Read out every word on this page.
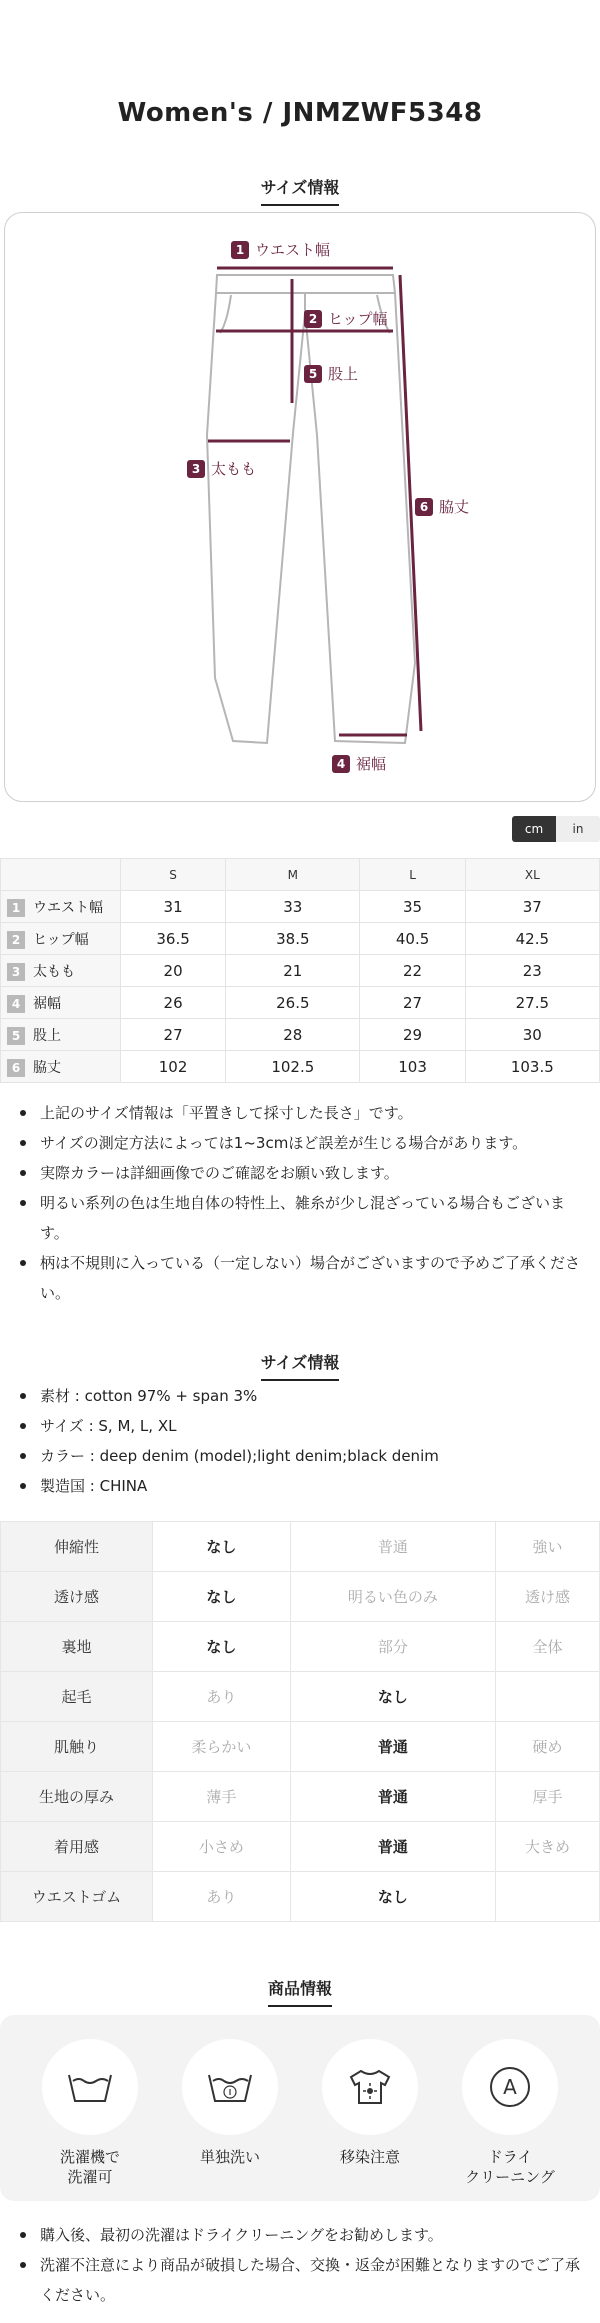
Women's / JNMZWF5348
サイズ情報
1 ウエスト幅
2 ヒップ幅
5 股上
3 太もも
6 脇丈
4 裾幅
cm	in
	S	M	L	XL
1 ウエスト幅	31	33	35	37
2 ヒップ幅	36.5	38.5	40.5	42.5
3 太もも	20	21	22	23
4 裾幅	26	26.5	27	27.5
5 股上	27	28	29	30
6 脇丈	102	102.5	103	103.5
上記のサイズ情報は「平置きして採寸した長さ」です。
サイズの測定方法によっては1~3cmほど誤差が生じる場合があります。
実際カラーは詳細画像でのご確認をお願い致します。
明るい系列の色は生地自体の特性上、雑糸が少し混ざっている場合もございます。
柄は不規則に入っている（一定しない）場合がございますので予めご了承ください。
サイズ情報
素材 : cotton 97% + span 3%
サイズ : S, M, L, XL
カラー : deep denim (model);light denim;black denim
製造国 : CHINA
伸縮性	なし	普通	強い
透け感	なし	明るい色のみ	透け感
裏地	なし	部分	全体
起毛	あり	なし	
肌触り	柔らかい	普通	硬め
生地の厚み	薄手	普通	厚手
着用感	小さめ	普通	大きめ
ウエストゴム	あり	なし	
商品情報
洗濯機で
洗濯可
単独洗い	移染注意
A
ドライ
クリーニング
購入後、最初の洗濯はドライクリーニングをお勧めします。
洗濯不注意により商品が破損した場合、交換・返金が困難となりますのでご了承ください。
